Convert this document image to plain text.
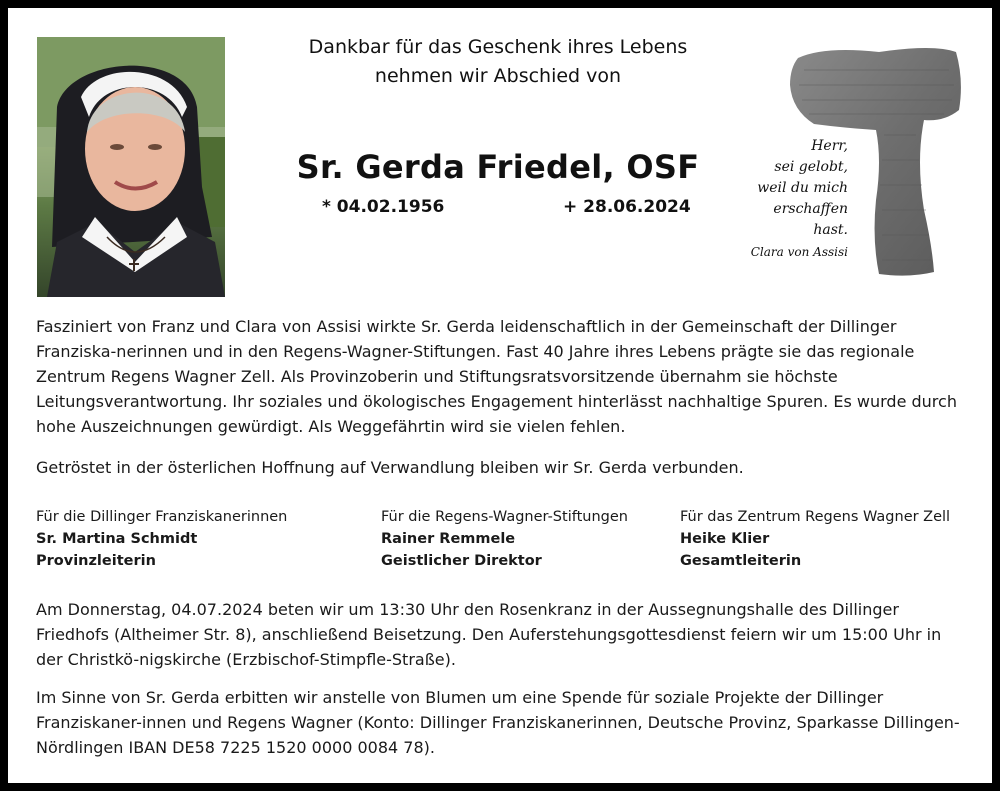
Dankbar für das Geschenk ihres Lebens
nehmen wir Abschied von
Sr. Gerda Friedel, OSF
* 04.02.1956	+ 28.06.2024
Herr,
sei gelobt,
weil du mich
erschaffen
hast.
Clara von Assisi

Fasziniert von Franz und Clara von Assisi wirkte Sr. Gerda leidenschaftlich in der Gemeinschaft der Dillinger Franziska-nerinnen und in den Regens-Wagner-Stiftungen. Fast 40 Jahre ihres Lebens prägte sie das regionale Zentrum Regens Wagner Zell. Als Provinzoberin und Stiftungsratsvorsitzende übernahm sie höchste Leitungsverantwortung. Ihr soziales und ökologisches Engagement hinterlässt nachhaltige Spuren. Es wurde durch hohe Auszeichnungen gewürdigt. Als Weggefährtin wird sie vielen fehlen.

Getröstet in der österlichen Hoffnung auf Verwandlung bleiben wir Sr. Gerda verbunden.

Für die Dillinger Franziskanerinnen
Sr. Martina Schmidt
Provinzleiterin
Für die Regens-Wagner-Stiftungen
Rainer Remmele
Geistlicher Direktor
Für das Zentrum Regens Wagner Zell
Heike Klier
Gesamtleiterin

Am Donnerstag, 04.07.2024 beten wir um 13:30 Uhr den Rosenkranz in der Aussegnungshalle des Dillinger Friedhofs (Altheimer Str. 8), anschließend Beisetzung. Den Auferstehungsgottesdienst feiern wir um 15:00 Uhr in der Christkö-nigskirche (Erzbischof-Stimpfle-Straße).

Im Sinne von Sr. Gerda erbitten wir anstelle von Blumen um eine Spende für soziale Projekte der Dillinger Franziskaner-innen und Regens Wagner (Konto: Dillinger Franziskanerinnen, Deutsche Provinz, Sparkasse Dillingen-Nördlingen IBAN DE58 7225 1520 0000 0084 78).
